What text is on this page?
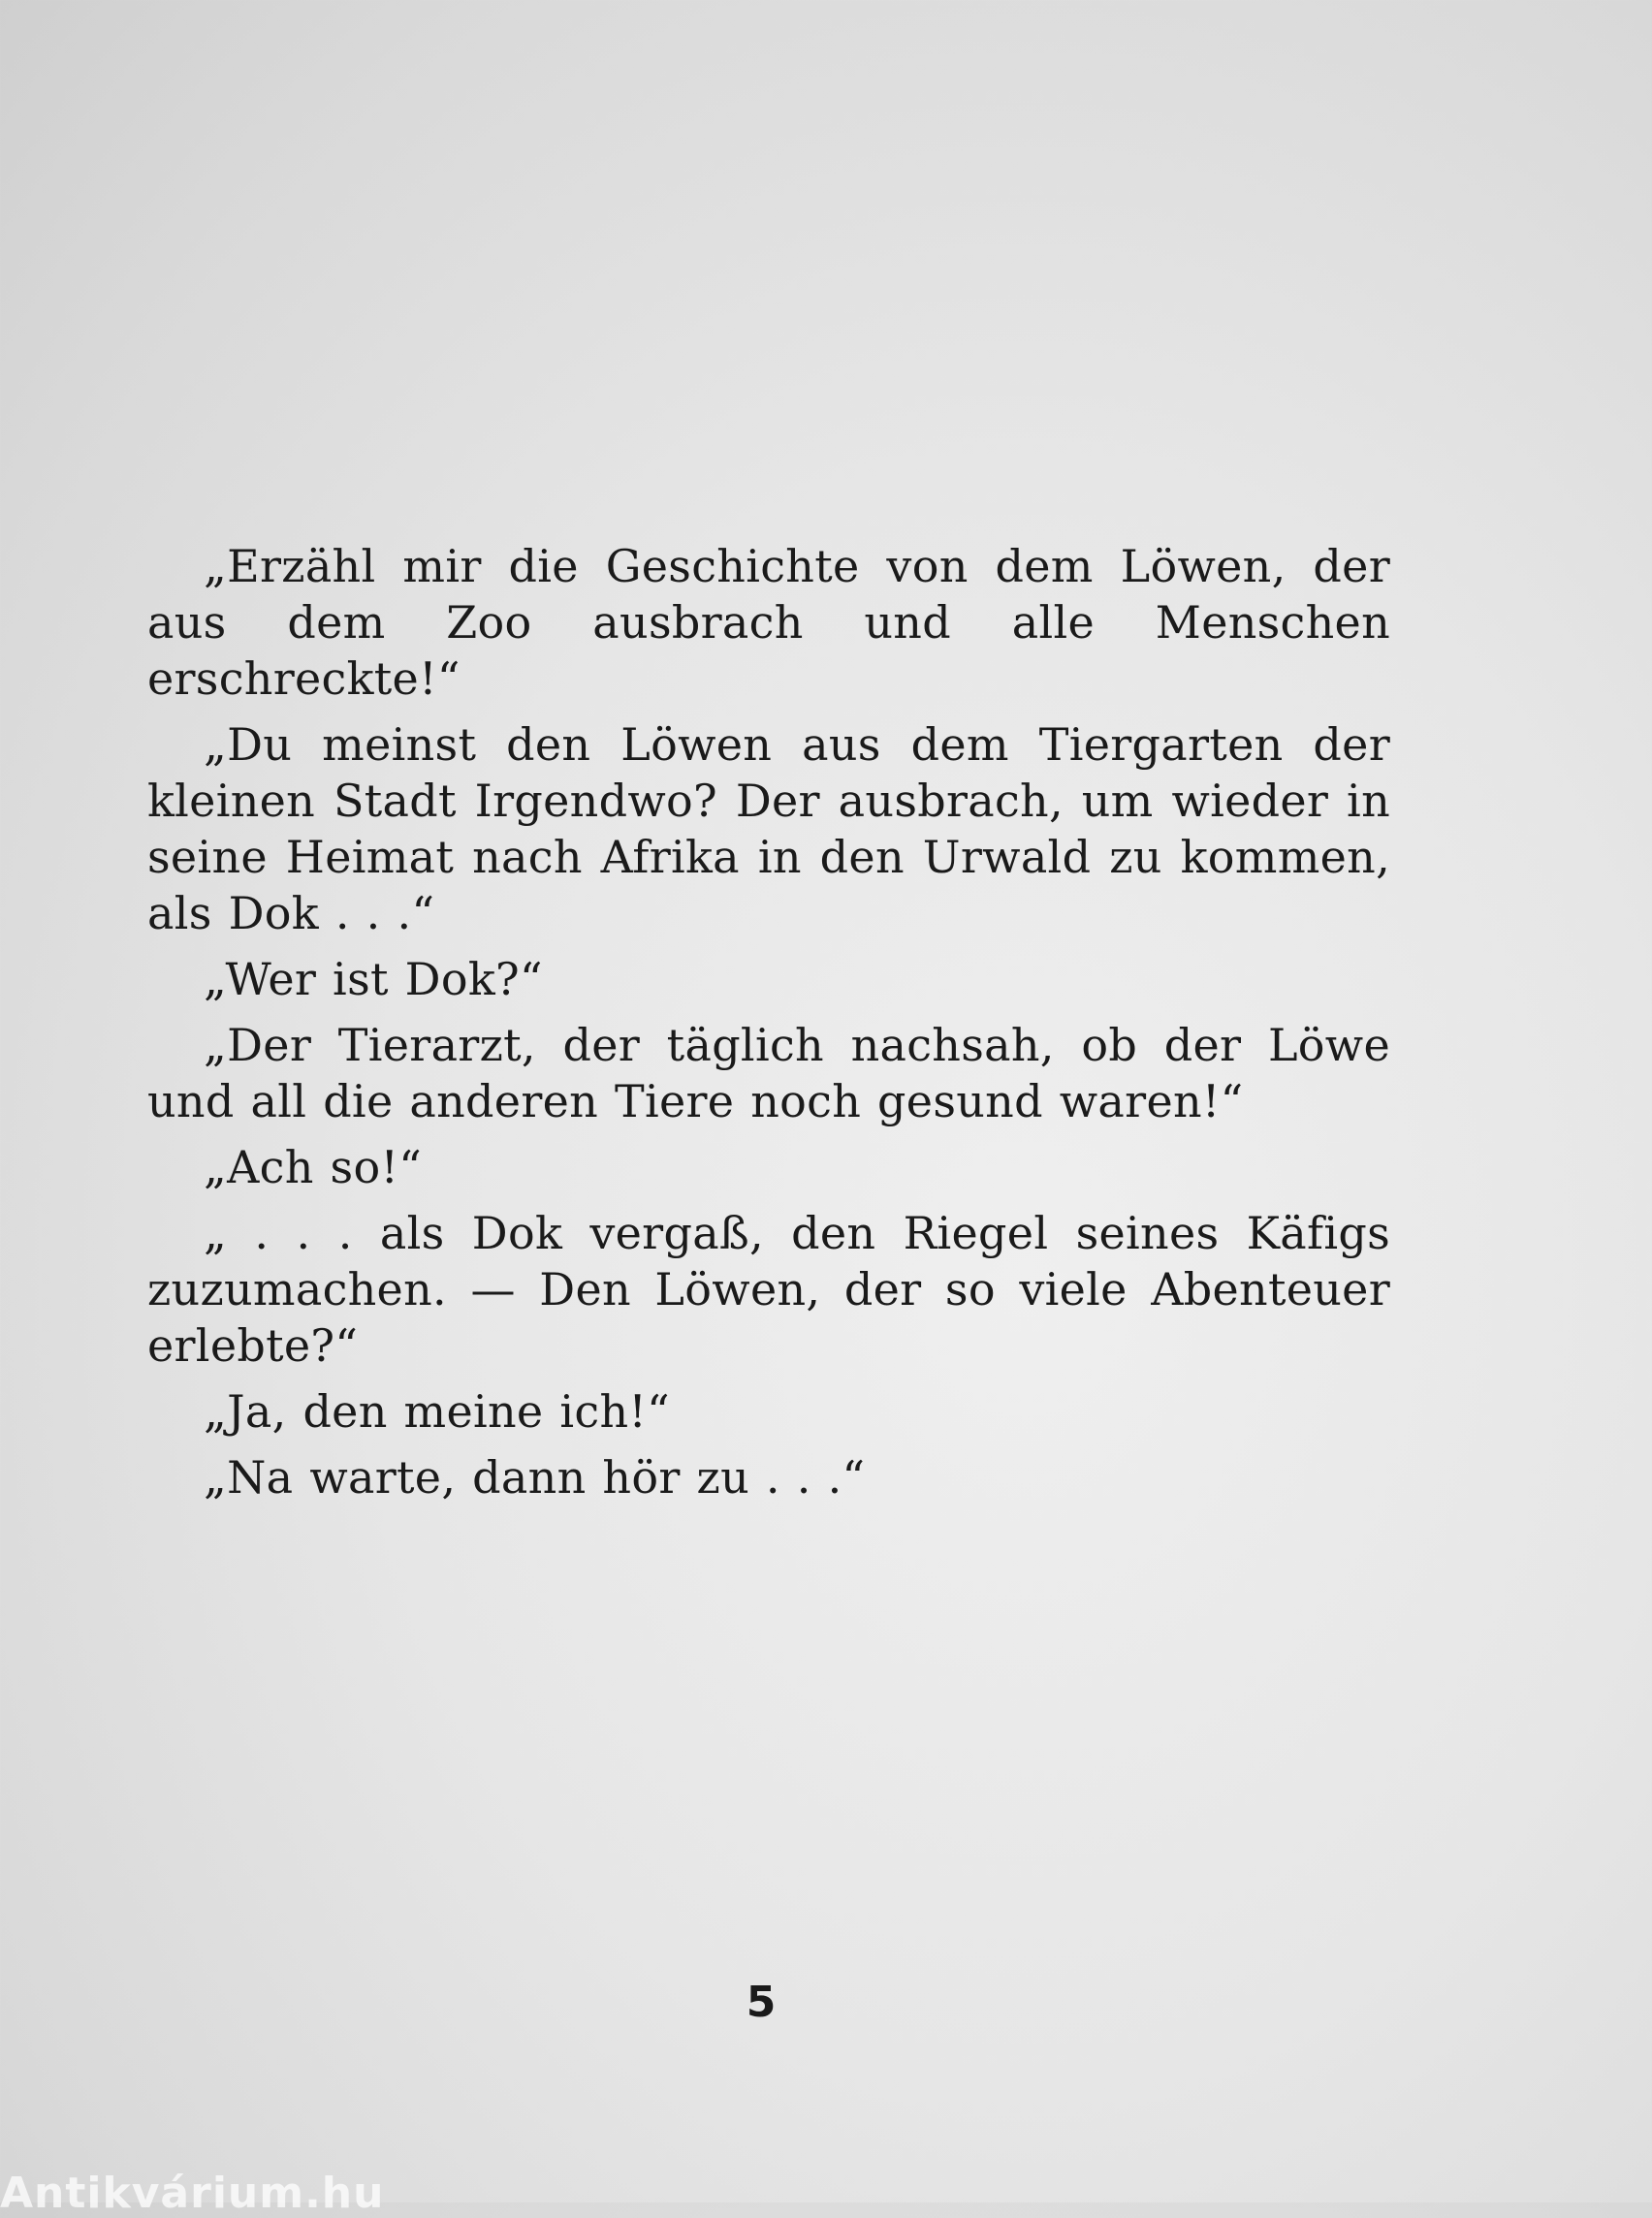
„Erzähl mir die Geschichte von dem Löwen, der aus dem Zoo ausbrach und alle Menschen erschreckte!“

„Du meinst den Löwen aus dem Tiergarten der kleinen Stadt Irgendwo? Der ausbrach, um wieder in seine Heimat nach Afrika in den Urwald zu kommen, als Dok . . .“

„Wer ist Dok?“

„Der Tierarzt, der täglich nachsah, ob der Löwe und all die anderen Tiere noch gesund waren!“

„Ach so!“

„ . . . als Dok vergaß, den Riegel seines Käfigs zuzumachen. — Den Löwen, der so viele Abenteuer erlebte?“

„Ja, den meine ich!“

„Na warte, dann hör zu . . .“

5
Antikvárium.hu
